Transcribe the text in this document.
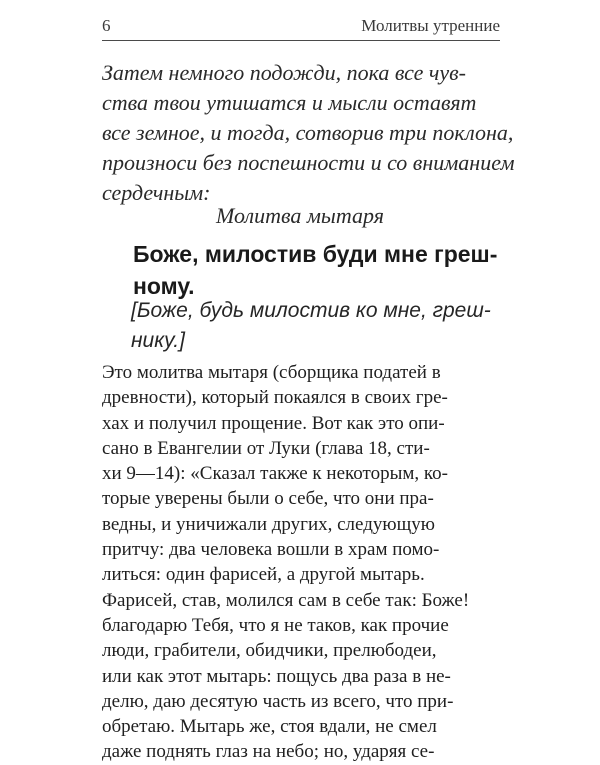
6	Молитвы утренние
Затем немного подожди, пока все чув-
ства твои утишатся и мысли оставят
все земное, и тогда, сотворив три поклона,
произноси без поспешности и со вниманием
сердечным:
Молитва мытаря
Боже, милостив буди мне греш-
ному.
[Боже, будь милостив ко мне, греш-
нику.]
Это молитва мытаря (сборщика податей в
древности), который покаялся в своих гре-
хах и получил прощение. Вот как это опи-
сано в Евангелии от Луки (глава 18, сти-
хи 9—14): «Сказал также к некоторым, ко-
торые уверены были о себе, что они пра-
ведны, и уничижали других, следующую
притчу: два человека вошли в храм помо-
литься: один фарисей, а другой мытарь.
Фарисей, став, молился сам в себе так: Боже!
благодарю Тебя, что я не таков, как прочие
люди, грабители, обидчики, прелюбодеи,
или как этот мытарь: пощусь два раза в не-
делю, даю десятую часть из всего, что при-
обретаю. Мытарь же, стоя вдали, не смел
даже поднять глаз на небо; но, ударяя се-
